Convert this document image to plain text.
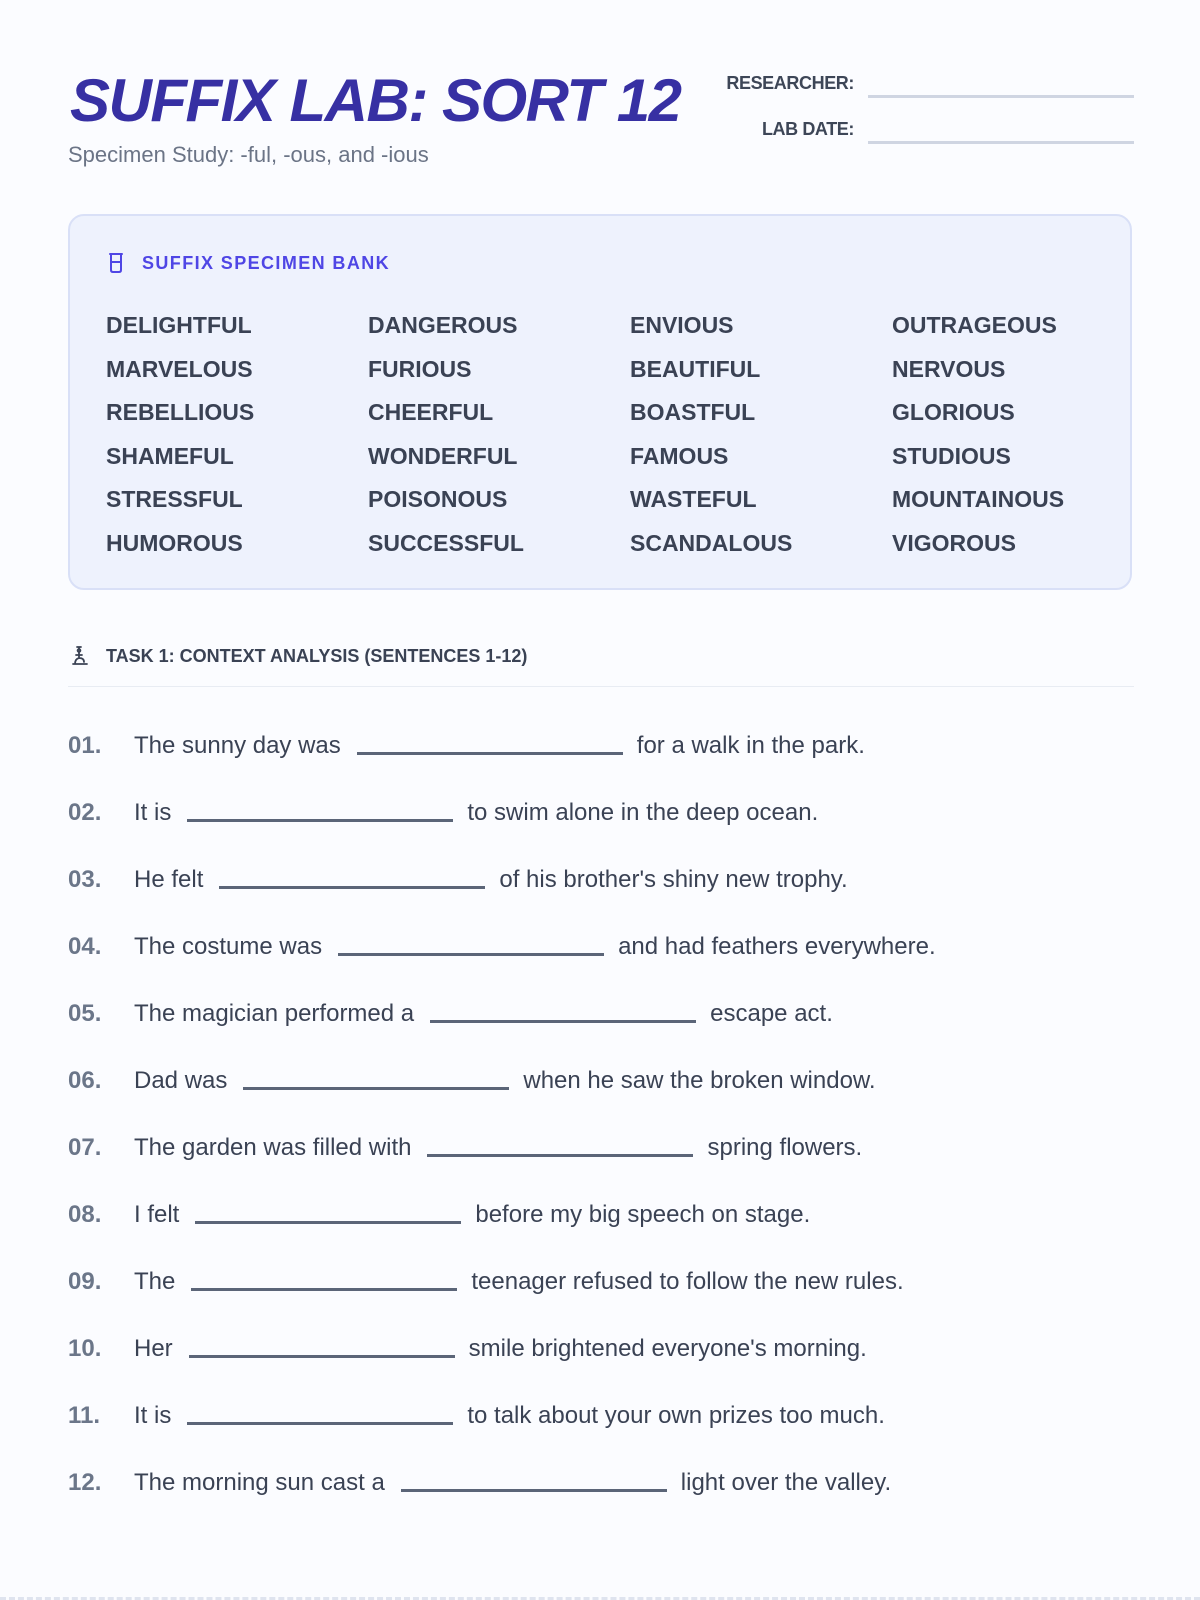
SUFFIX LAB: SORT 12
Specimen Study: -ful, -ous, and -ious
RESEARCHER:
LAB DATE:
SUFFIX SPECIMEN BANK
DELIGHTFUL	DANGEROUS	ENVIOUS	OUTRAGEOUS
MARVELOUS	FURIOUS	BEAUTIFUL	NERVOUS
REBELLIOUS	CHEERFUL	BOASTFUL	GLORIOUS
SHAMEFUL	WONDERFUL	FAMOUS	STUDIOUS
STRESSFUL	POISONOUS	WASTEFUL	MOUNTAINOUS
HUMOROUS	SUCCESSFUL	SCANDALOUS	VIGOROUS
TASK 1: CONTEXT ANALYSIS (SENTENCES 1-12)
01.	The sunny day was	for a walk in the park.
02.	It is	to swim alone in the deep ocean.
03.	He felt	of his brother's shiny new trophy.
04.	The costume was	and had feathers everywhere.
05.	The magician performed a	escape act.
06.	Dad was	when he saw the broken window.
07.	The garden was filled with	spring flowers.
08.	I felt	before my big speech on stage.
09.	The	teenager refused to follow the new rules.
10.	Her	smile brightened everyone's morning.
11.	It is	to talk about your own prizes too much.
12.	The morning sun cast a	light over the valley.
